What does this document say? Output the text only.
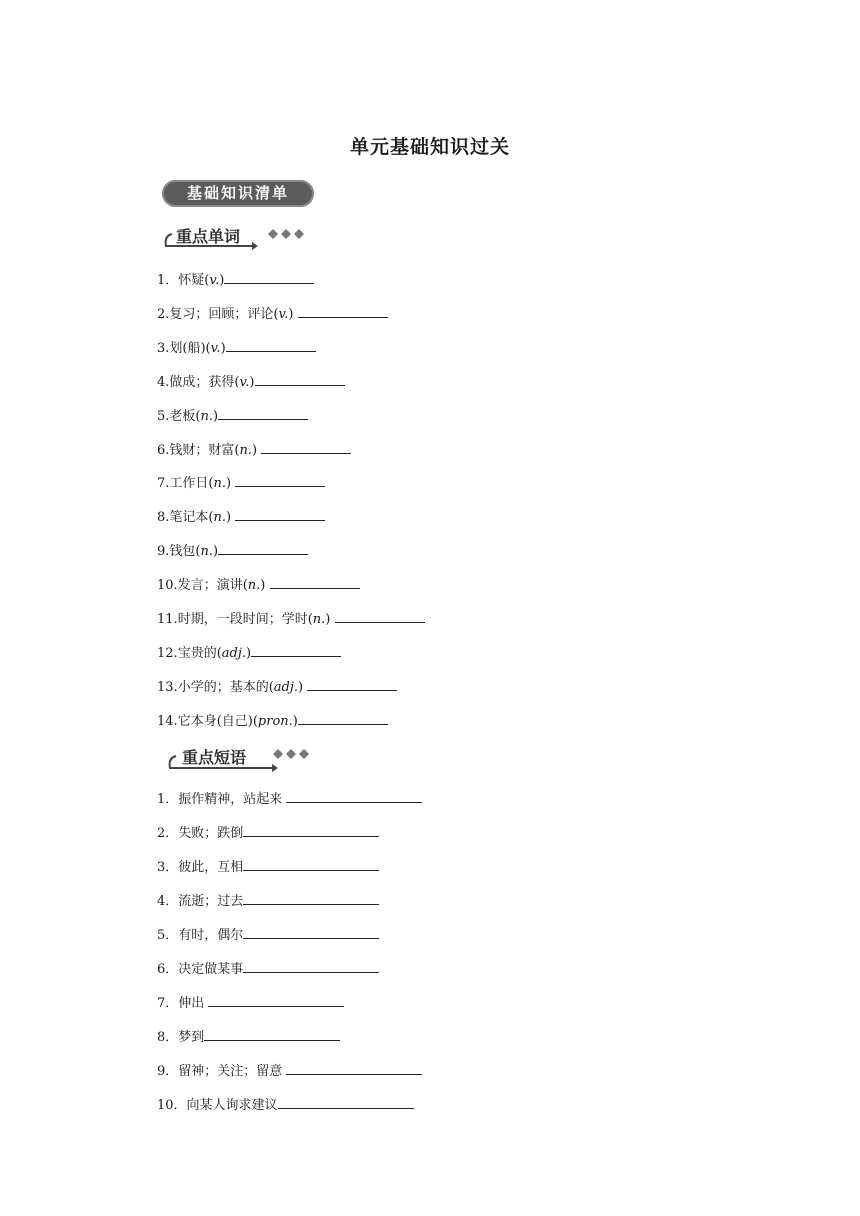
单元基础知识过关
基础知识清单
重点单词
1．怀疑(v.)
2.复习；回顾；评论(v.)
3.划(船)(v.)
4.做成；获得(v.)
5.老板(n.)
6.钱财；财富(n.)
7.工作日(n.)
8.笔记本(n.)
9.钱包(n.)
10.发言；演讲(n.)
11.时期，一段时间；学时(n.)
12.宝贵的(adj.)
13.小学的；基本的(adj.)
14.它本身(自己)(pron.)
重点短语
1．振作精神，站起来
2．失败；跌倒
3．彼此，互相
4．流逝；过去
5．有时，偶尔
6．决定做某事
7．伸出
8．梦到
9．留神；关注；留意
10．向某人询求建议
